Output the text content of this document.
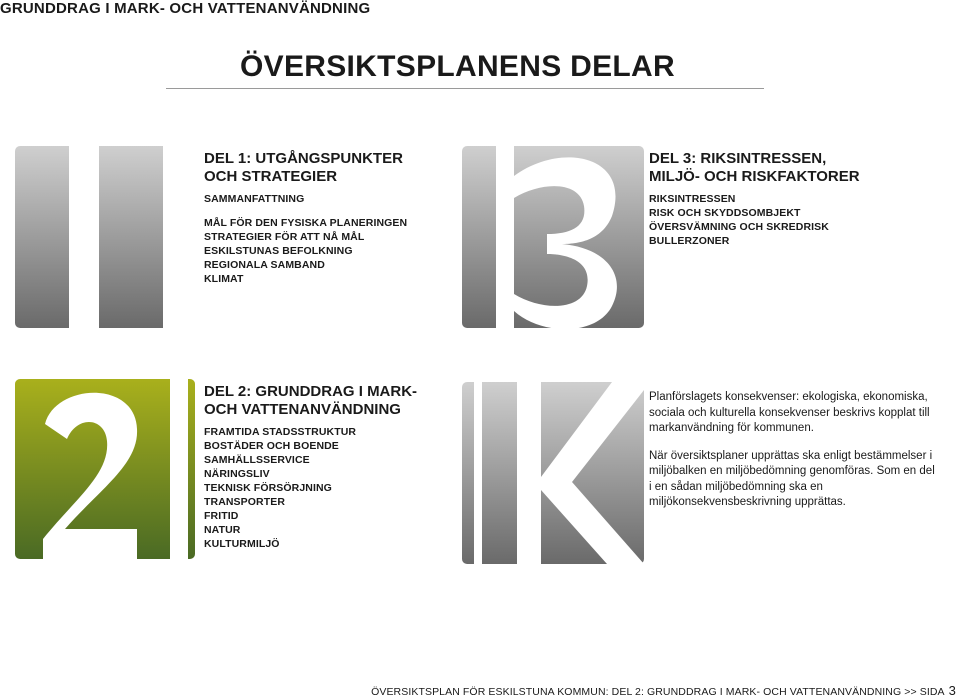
GRUNDDRAG I MARK- OCH VATTENANVÄNDNING
ÖVERSIKTSPLANENS DELAR
DEL 1: UTGÅNGSPUNKTER
OCH STRATEGIER
SAMMANFATTNING
MÅL FÖR DEN FYSISKA PLANERINGEN
STRATEGIER FÖR ATT NÅ MÅL
ESKILSTUNAS BEFOLKNING
REGIONALA SAMBAND
KLIMAT
DEL 3: RIKSINTRESSEN,
MILJÖ- OCH RISKFAKTORER
RIKSINTRESSEN
RISK OCH SKYDDSOMBJEKT
ÖVERSVÄMNING OCH SKREDRISK
BULLERZONER
DEL 2: GRUNDDRAG I MARK-
OCH VATTENANVÄNDNING
FRAMTIDA STADSSTRUKTUR
BOSTÄDER OCH BOENDE
SAMHÄLLSSERVICE
NÄRINGSLIV
TEKNISK FÖRSÖRJNING
TRANSPORTER
FRITID
NATUR
KULTURMILJÖ

Planförslagets konsekvenser: ekologiska, ekonomiska, sociala och kulturella konsekvenser beskrivs kopplat till markanvändning för kommunen.

När översiktsplaner upprättas ska enligt bestämmelser i miljöbalken en miljöbedömning genomföras. Som en del i en sådan miljöbedömning ska en miljökonsekvensbeskrivning upprättas.

ÖVERSIKTSPLAN FÖR ESKILSTUNA KOMMUN: DEL 2: GRUNDDRAG I MARK- OCH VATTENANVÄNDNING >> SIDA 3
